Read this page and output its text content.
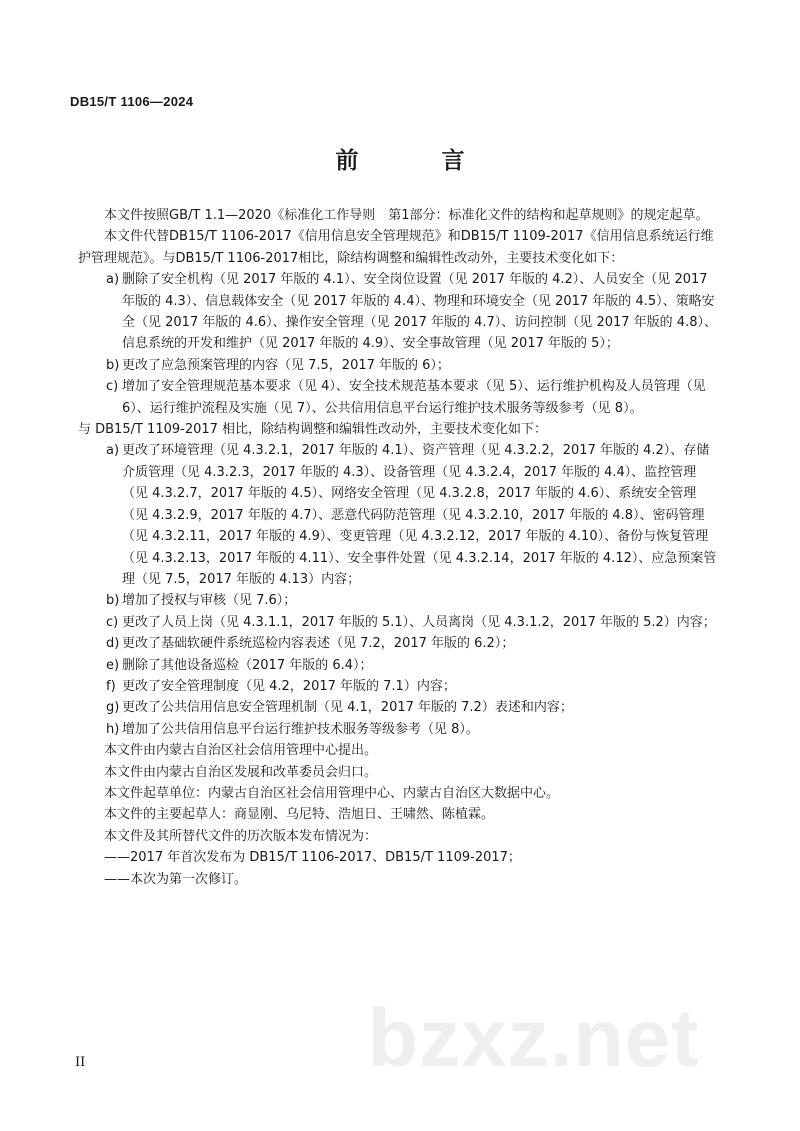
DB15/T 1106—2024
前　言

本文件按照GB/T 1.1—2020《标准化工作导则　第1部分：标准化文件的结构和起草规则》的规定起草。

本文件代替DB15/T 1106-2017《信用信息安全管理规范》和DB15/T 1109-2017《信用信息系统运行维护管理规范》。与DB15/T 1106-2017相比，除结构调整和编辑性改动外，主要技术变化如下：

a) 删除了安全机构（见 2017 年版的 4.1）、安全岗位设置（见 2017 年版的 4.2）、人员安全（见 2017 年版的 4.3）、信息载体安全（见 2017 年版的 4.4）、物理和环境安全（见 2017 年版的 4.5）、策略安全（见 2017 年版的 4.6）、操作安全管理（见 2017 年版的 4.7）、访问控制（见 2017 年版的 4.8）、信息系统的开发和维护（见 2017 年版的 4.9）、安全事故管理（见 2017 年版的 5）；

b) 更改了应急预案管理的内容（见 7.5，2017 年版的 6）；

c) 增加了安全管理规范基本要求（见 4）、安全技术规范基本要求（见 5）、运行维护机构及人员管理（见 6）、运行维护流程及实施（见 7）、公共信用信息平台运行维护技术服务等级参考（见 8）。

与 DB15/T 1109-2017 相比，除结构调整和编辑性改动外，主要技术变化如下：

a) 更改了环境管理（见 4.3.2.1，2017 年版的 4.1）、资产管理（见 4.3.2.2，2017 年版的 4.2）、存储介质管理（见 4.3.2.3，2017 年版的 4.3）、设备管理（见 4.3.2.4，2017 年版的 4.4）、监控管理（见 4.3.2.7，2017 年版的 4.5）、网络安全管理（见 4.3.2.8，2017 年版的 4.6）、系统安全管理（见 4.3.2.9，2017 年版的 4.7）、恶意代码防范管理（见 4.3.2.10，2017 年版的 4.8）、密码管理（见 4.3.2.11，2017 年版的 4.9）、变更管理（见 4.3.2.12，2017 年版的 4.10）、备份与恢复管理（见 4.3.2.13，2017 年版的 4.11）、安全事件处置（见 4.3.2.14，2017 年版的 4.12）、应急预案管理（见 7.5，2017 年版的 4.13）内容；

b) 增加了授权与审核（见 7.6）；

c) 更改了人员上岗（见 4.3.1.1，2017 年版的 5.1）、人员离岗（见 4.3.1.2，2017 年版的 5.2）内容；

d) 更改了基础软硬件系统巡检内容表述（见 7.2，2017 年版的 6.2）；

e) 删除了其他设备巡检（2017 年版的 6.4）；

f) 更改了安全管理制度（见 4.2，2017 年版的 7.1）内容；

g) 更改了公共信用信息安全管理机制（见 4.1，2017 年版的 7.2）表述和内容；

h) 增加了公共信用信息平台运行维护技术服务等级参考（见 8）。

本文件由内蒙古自治区社会信用管理中心提出。

本文件由内蒙古自治区发展和改革委员会归口。

本文件起草单位：内蒙古自治区社会信用管理中心、内蒙古自治区大数据中心。

本文件的主要起草人：商显刚、乌尼特、浩旭日、王啸然、陈植霖。

本文件及其所替代文件的历次版本发布情况为：

——2017 年首次发布为 DB15/T 1106-2017、DB15/T 1109-2017；

——本次为第一次修订。

bzxz.net
II
